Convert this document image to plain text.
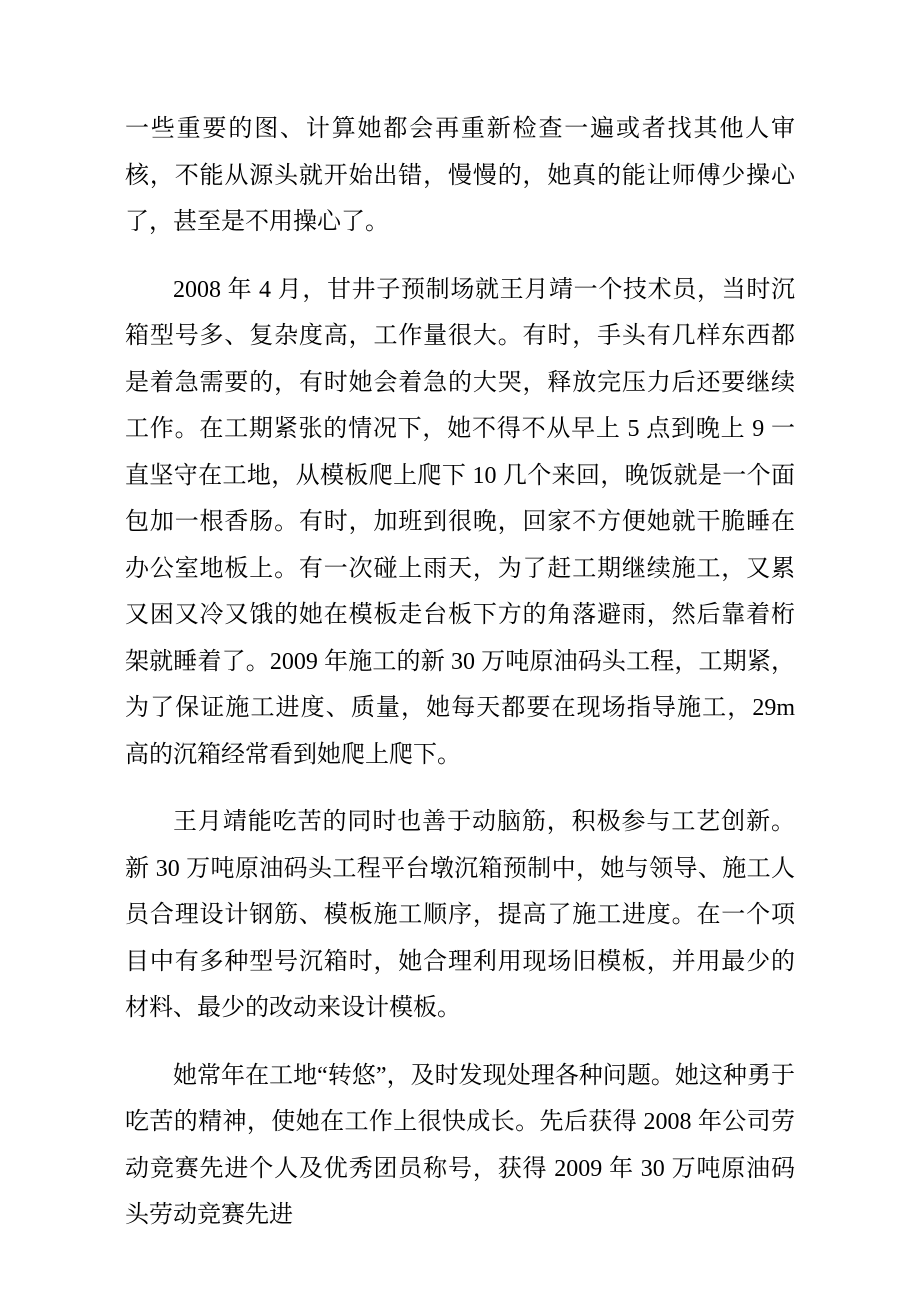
一些重要的图、计算她都会再重新检查一遍或者找其他人审核，不能从源头就开始出错，慢慢的，她真的能让师傅少操心了，甚至是不用操心了。

2008 年 4 月，甘井子预制场就王月靖一个技术员，当时沉箱型号多、复杂度高，工作量很大。有时，手头有几样东西都是着急需要的，有时她会着急的大哭，释放完压力后还要继续工作。在工期紧张的情况下，她不得不从早上 5 点到晚上 9 一直坚守在工地，从模板爬上爬下 10 几个来回，晚饭就是一个面包加一根香肠。有时，加班到很晚，回家不方便她就干脆睡在办公室地板上。有一次碰上雨天，为了赶工期继续施工，又累又困又冷又饿的她在模板走台板下方的角落避雨，然后靠着桁架就睡着了。2009 年施工的新 30 万吨原油码头工程，工期紧，为了保证施工进度、质量，她每天都要在现场指导施工，29m 高的沉箱经常看到她爬上爬下。

王月靖能吃苦的同时也善于动脑筋，积极参与工艺创新。新 30 万吨原油码头工程平台墩沉箱预制中，她与领导、施工人员合理设计钢筋、模板施工顺序，提高了施工进度。在一个项目中有多种型号沉箱时，她合理利用现场旧模板，并用最少的材料、最少的改动来设计模板。

她常年在工地“转悠”，及时发现处理各种问题。她这种勇于吃苦的精神，使她在工作上很快成长。先后获得 2008 年公司劳动竞赛先进个人及优秀团员称号，获得 2009 年 30 万吨原油码头劳动竞赛先进
